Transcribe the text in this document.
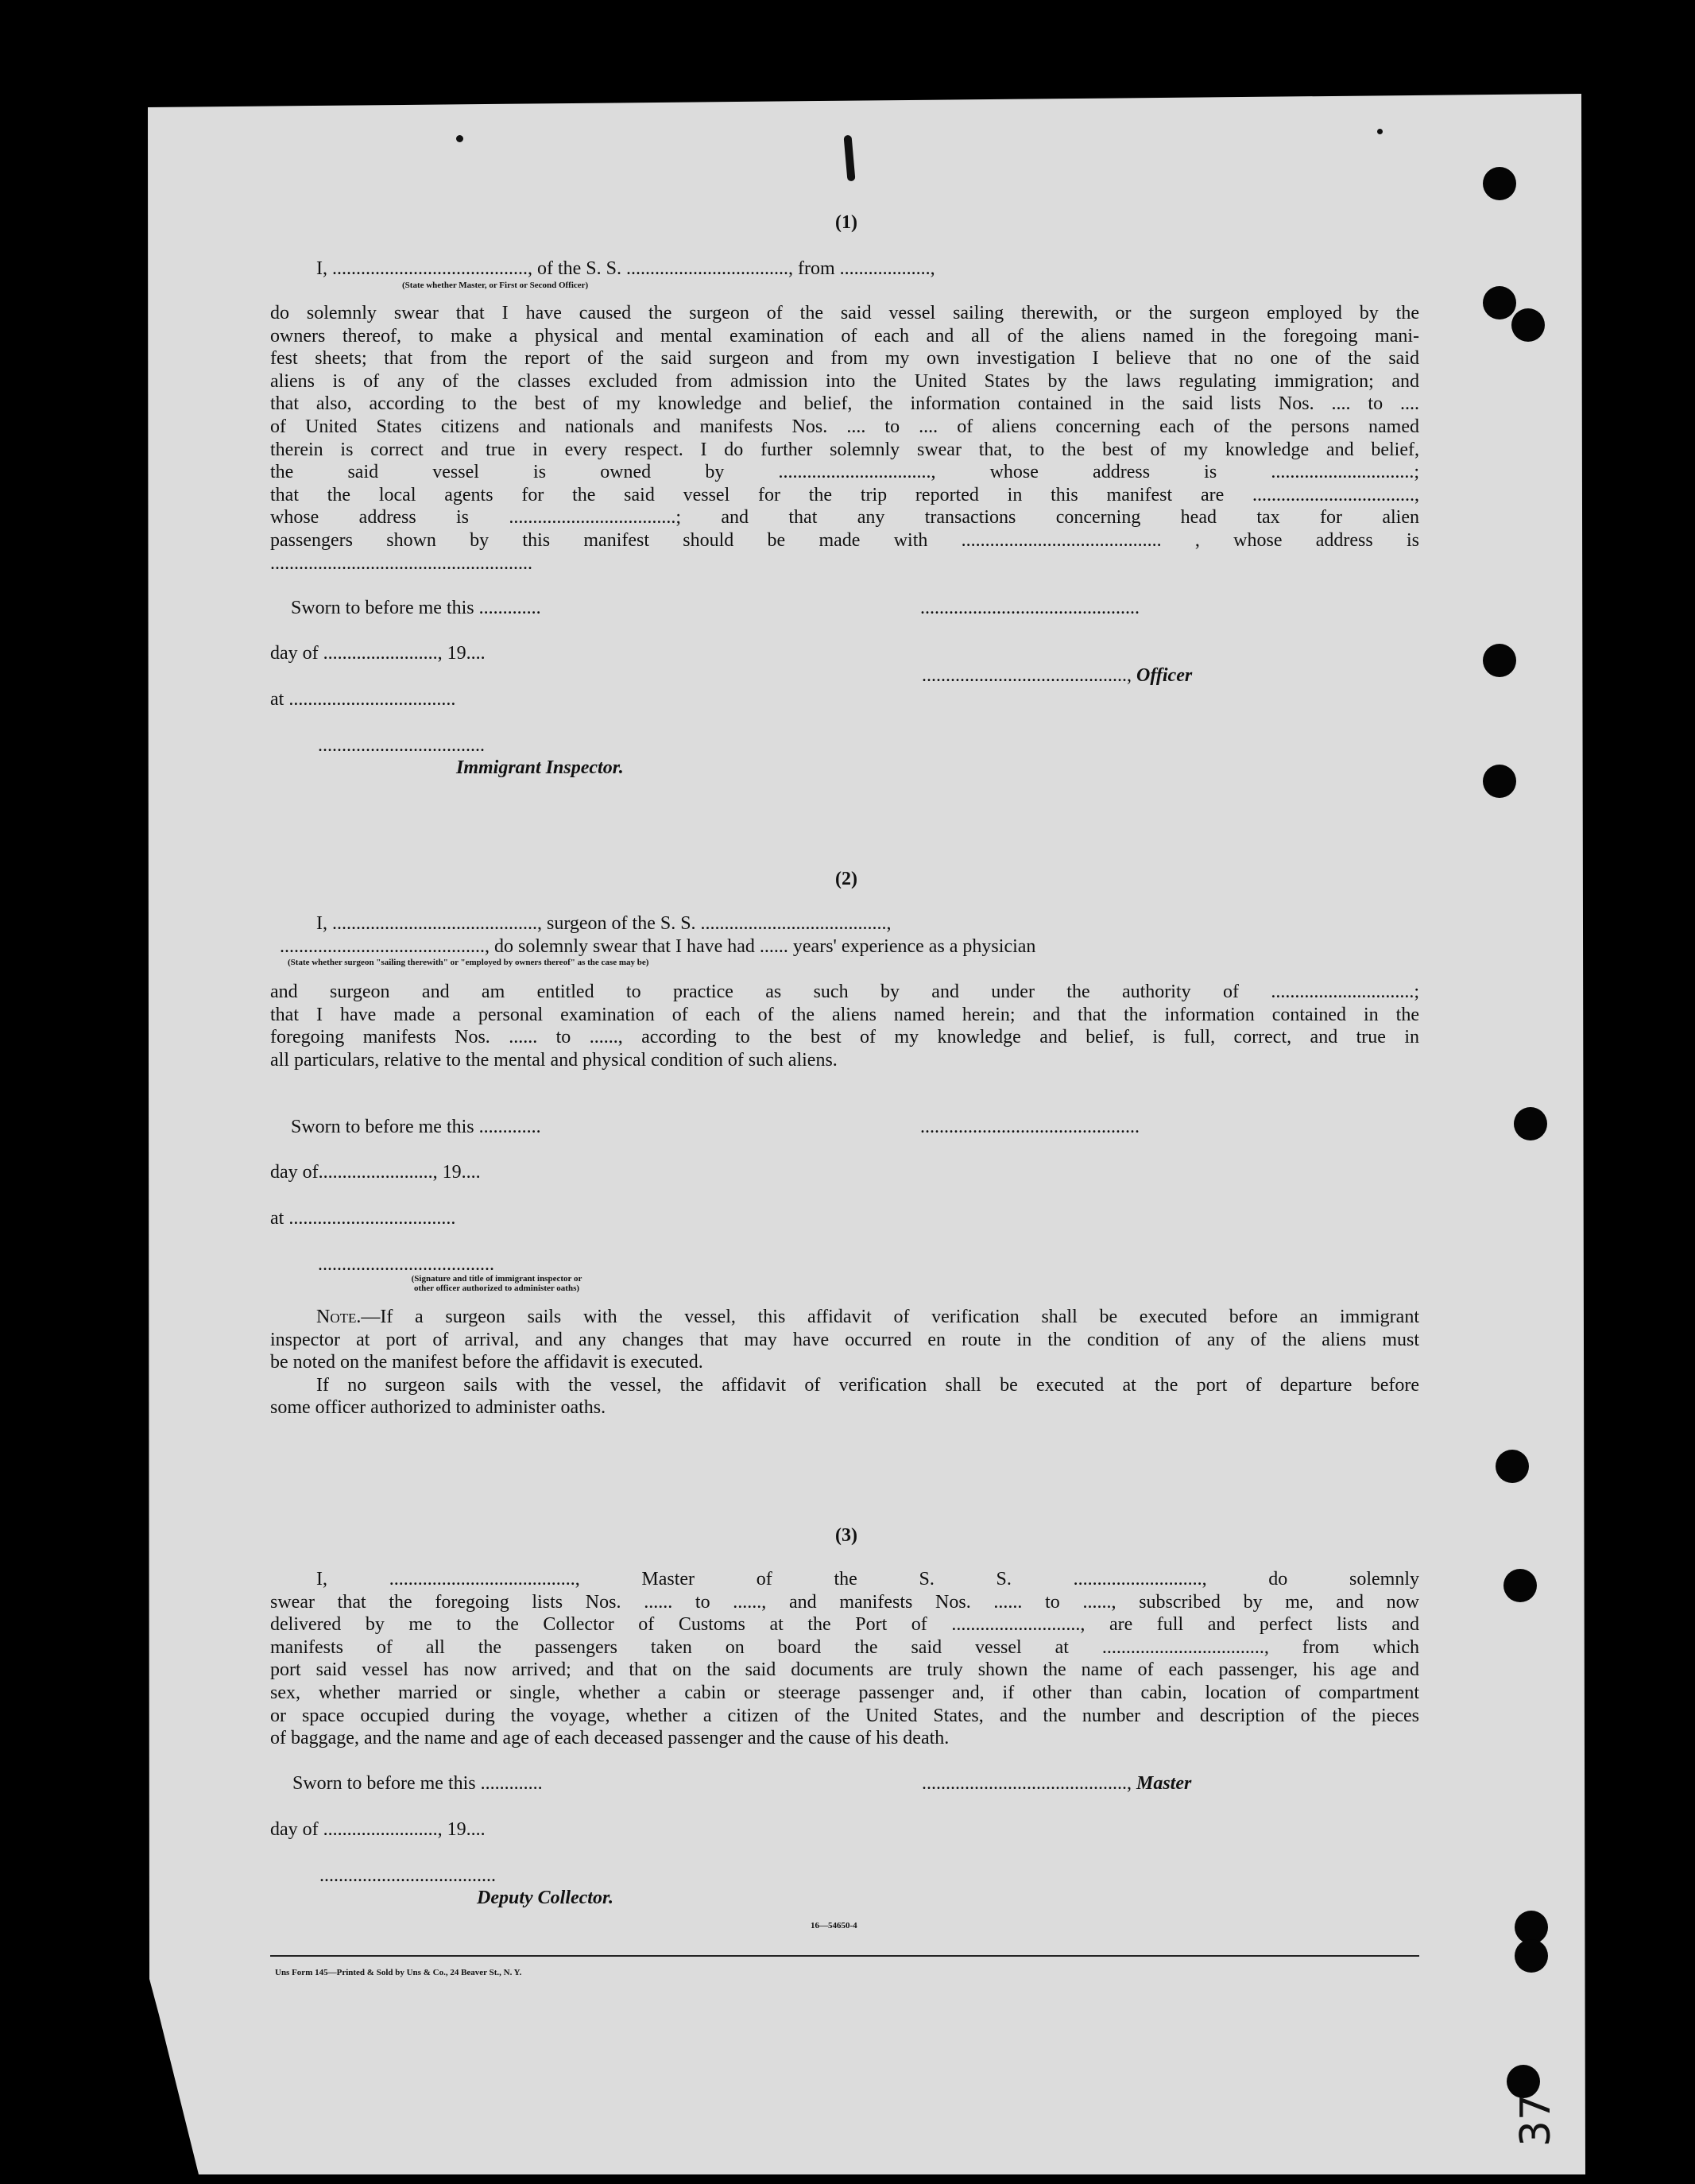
(1)
I, ........................................., of the S. S. .................................., from ...................,
(State whether Master, or First or Second Officer)
do solemnly swear that I have caused the surgeon of the said vessel sailing therewith, or the surgeon employed by the
owners thereof, to make a physical and mental examination of each and all of the aliens named in the foregoing mani-
fest sheets; that from the report of the said surgeon and from my own investigation I believe that no one of the said
aliens is of any of the classes excluded from admission into the United States by the laws regulating immigration; and
that also, according to the best of my knowledge and belief, the information contained in the said lists Nos. .... to ....
of United States citizens and nationals and manifests Nos. .... to .... of aliens concerning each of the persons named
therein is correct and true in every respect. I do further solemnly swear that, to the best of my knowledge and belief,
the said vessel is owned by ................................, whose address is ..............................;
that the local agents for the said vessel for the trip reported in this manifest are ..................................,
whose address is ...................................; and that any transactions concerning head tax for alien
passengers shown by this manifest should be made with .......................................... , whose address is
.......................................................
Sworn to before me this .............	..............................................
day of ........................, 19....
..........................................., Officer
at ...................................
...................................
Immigrant Inspector.
(2)
I, ..........................................., surgeon of the S. S. .......................................,
..........................................., do solemnly swear that I have had ...... years' experience as a physician
(State whether surgeon "sailing therewith" or "employed by owners thereof" as the case may be)
and surgeon and am entitled to practice as such by and under the authority of ..............................;
that I have made a personal examination of each of the aliens named herein; and that the information contained in the
foregoing manifests Nos. ...... to ......, according to the best of my knowledge and belief, is full, correct, and true in
all particulars, relative to the mental and physical condition of such aliens.
Sworn to before me this .............	..............................................
day of........................, 19....
at ...................................
.....................................
(Signature and title of immigrant inspector or
other officer authorized to administer oaths)
Note.—If a surgeon sails with the vessel, this affidavit of verification shall be executed before an immigrant
inspector at port of arrival, and any changes that may have occurred en route in the condition of any of the aliens must
be noted on the manifest before the affidavit is executed.
If no surgeon sails with the vessel, the affidavit of verification shall be executed at the port of departure before
some officer authorized to administer oaths.
(3)
I, ......................................., Master of the S. S. ..........................., do solemnly
swear that the foregoing lists Nos. ...... to ......, and manifests Nos. ...... to ......, subscribed by me, and now
delivered by me to the Collector of Customs at the Port of ..........................., are full and perfect lists and
manifests of all the passengers taken on board the said vessel at .................................., from which
port said vessel has now arrived; and that on the said documents are truly shown the name of each passenger, his age and
sex, whether married or single, whether a cabin or steerage passenger and, if other than cabin, location of compartment
or space occupied during the voyage, whether a citizen of the United States, and the number and description of the pieces
of baggage, and the name and age of each deceased passenger and the cause of his death.
Sworn to before me this .............	..........................................., Master
day of ........................, 19....
.....................................
Deputy Collector.
16—54650-4
Uns Form 145—Printed & Sold by Uns & Co., 24 Beaver St., N. Y.
37
